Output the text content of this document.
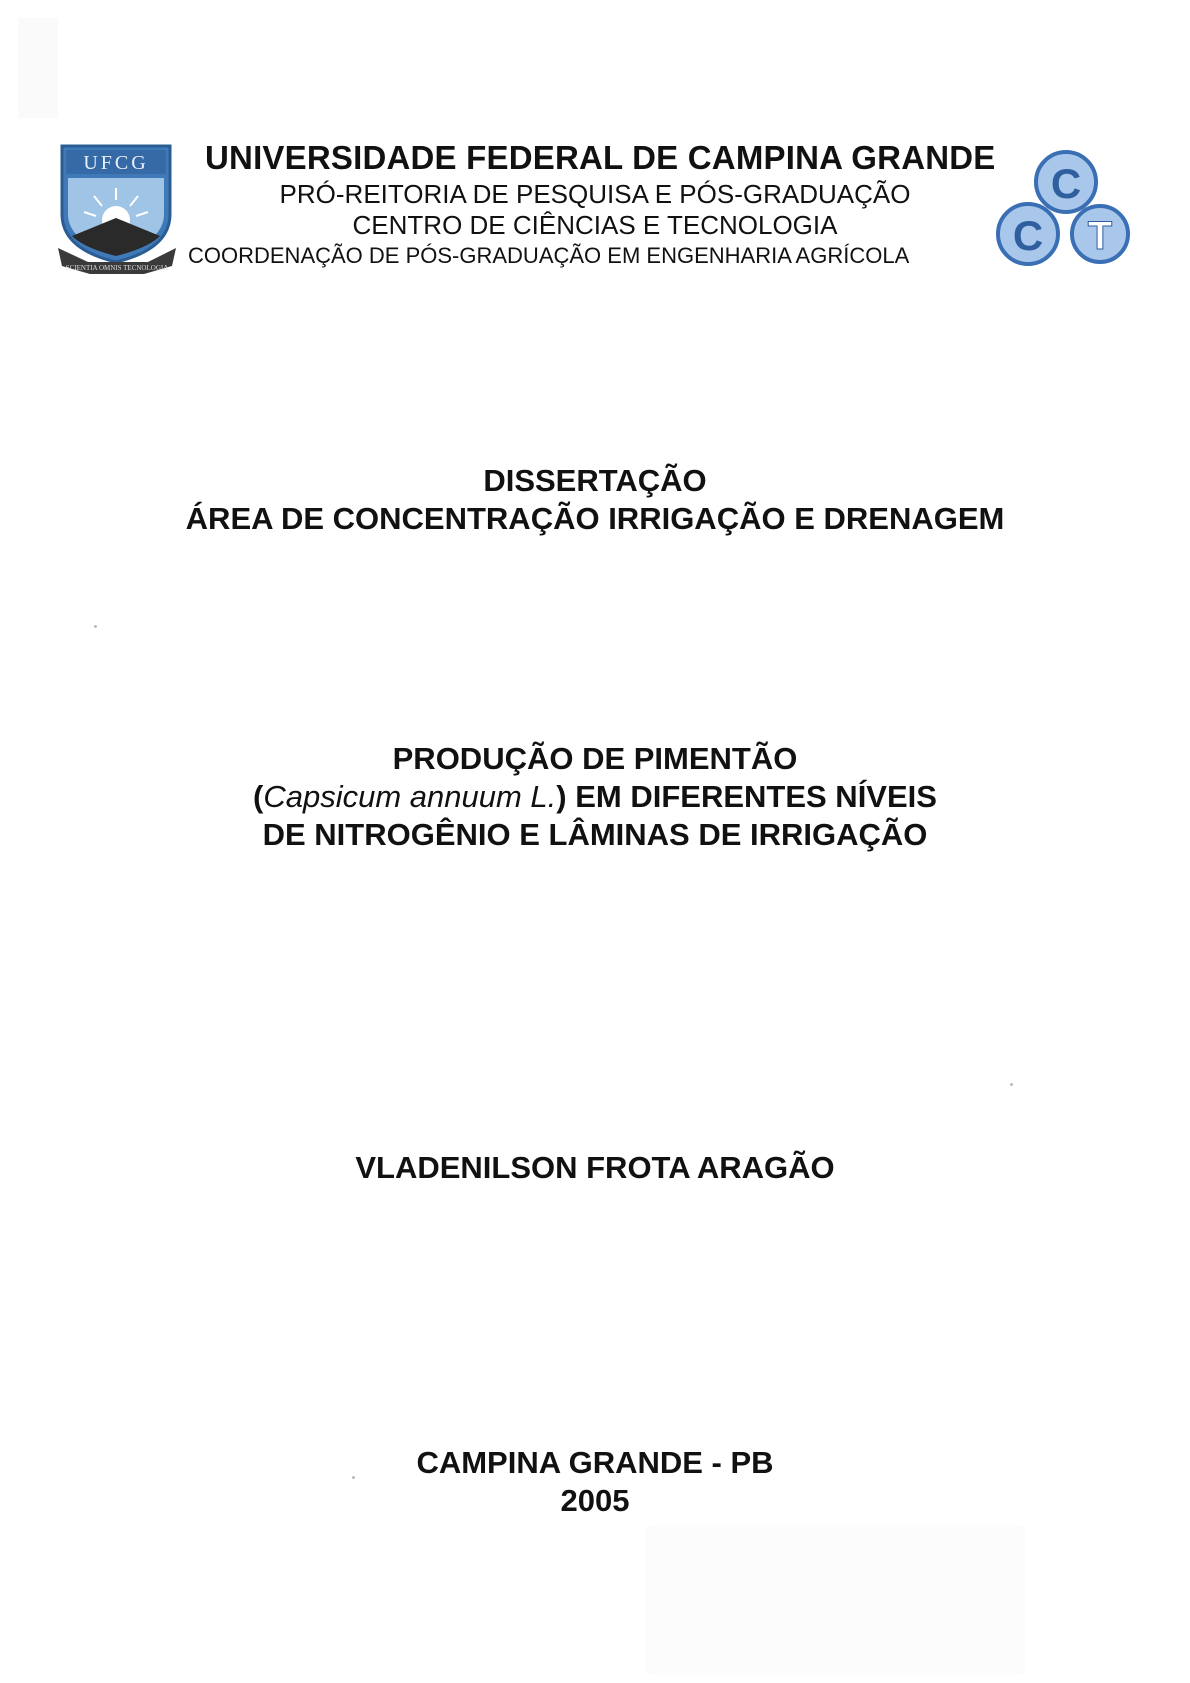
UFCG
SCIENTIA OMNIS TECNOLOGIA
UNIVERSIDADE FEDERAL DE CAMPINA GRANDE
PRÓ-REITORIA DE PESQUISA E PÓS-GRADUAÇÃO
CENTRO DE CIÊNCIAS E TECNOLOGIA
COORDENAÇÃO DE PÓS-GRADUAÇÃO EM ENGENHARIA AGRÍCOLA
C
C T
DISSERTAÇÃO
ÁREA DE CONCENTRAÇÃO IRRIGAÇÃO E DRENAGEM
PRODUÇÃO DE PIMENTÃO
(Capsicum annuum L.) EM DIFERENTES NÍVEIS
DE NITROGÊNIO E LÂMINAS DE IRRIGAÇÃO
VLADENILSON FROTA ARAGÃO
CAMPINA GRANDE - PB
2005
